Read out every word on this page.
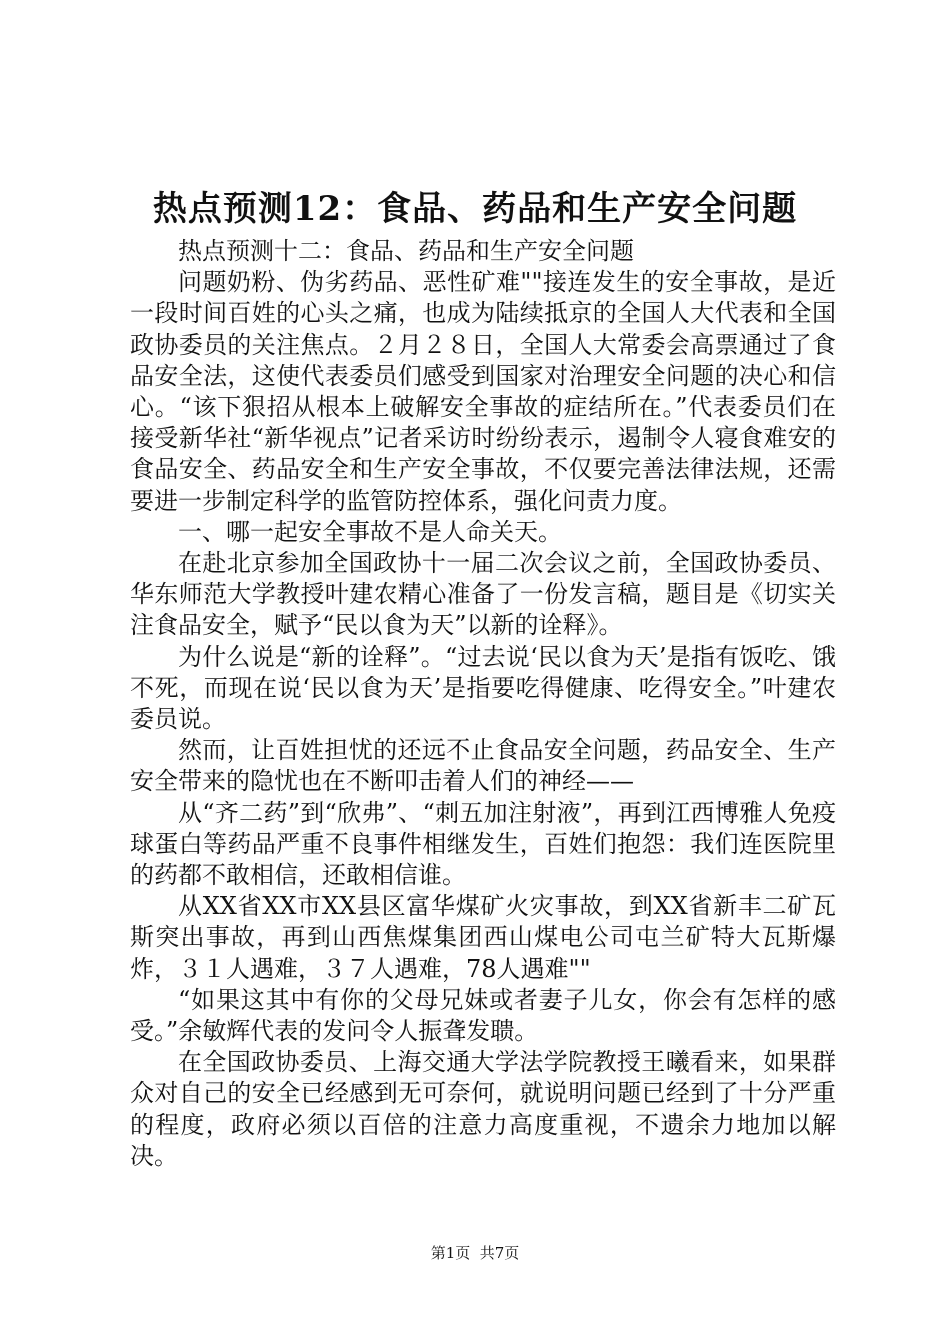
热点预测12：食品、药品和生产安全问题

热点预测十二：食品、药品和生产安全问题

问题奶粉、伪劣药品、恶性矿难""接连发生的安全事故，是近一段时间百姓的心头之痛，也成为陆续抵京的全国人大代表和全国政协委员的关注焦点。２月２８日，全国人大常委会高票通过了食品安全法，这使代表委员们感受到国家对治理安全问题的决心和信心。“该下狠招从根本上破解安全事故的症结所在。”代表委员们在接受新华社“新华视点”记者采访时纷纷表示，遏制令人寝食难安的食品安全、药品安全和生产安全事故，不仅要完善法律法规，还需要进一步制定科学的监管防控体系，强化问责力度。

一、哪一起安全事故不是人命关天。

在赴北京参加全国政协十一届二次会议之前，全国政协委员、华东师范大学教授叶建农精心准备了一份发言稿，题目是《切实关注食品安全，赋予“民以食为天”以新的诠释》。

为什么说是“新的诠释”。“过去说‘民以食为天’是指有饭吃、饿不死，而现在说‘民以食为天’是指要吃得健康、吃得安全。”叶建农委员说。

然而，让百姓担忧的还远不止食品安全问题，药品安全、生产安全带来的隐忧也在不断叩击着人们的神经——

从“齐二药”到“欣弗”、“刺五加注射液”，再到江西博雅人免疫球蛋白等药品严重不良事件相继发生，百姓们抱怨：我们连医院里的药都不敢相信，还敢相信谁。

从XX省XX市XX县区富华煤矿火灾事故，到XX省新丰二矿瓦斯突出事故，再到山西焦煤集团西山煤电公司屯兰矿特大瓦斯爆炸，３１人遇难，３７人遇难，78人遇难""

“如果这其中有你的父母兄妹或者妻子儿女，你会有怎样的感受。”余敏辉代表的发问令人振聋发聩。

在全国政协委员、上海交通大学法学院教授王曦看来，如果群众对自己的安全已经感到无可奈何，就说明问题已经到了十分严重的程度，政府必须以百倍的注意力高度重视，不遗余力地加以解决。

第1页  共7页
